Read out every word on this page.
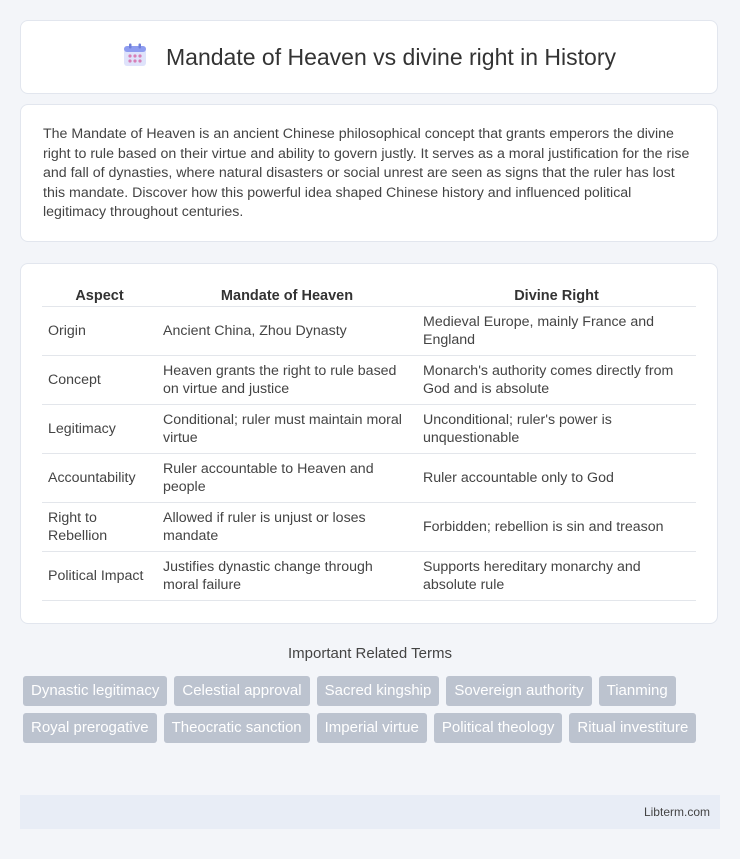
Mandate of Heaven vs divine right in History
The Mandate of Heaven is an ancient Chinese philosophical concept that grants emperors the divine right to rule based on their virtue and ability to govern justly. It serves as a moral justification for the rise and fall of dynasties, where natural disasters or social unrest are seen as signs that the ruler has lost this mandate. Discover how this powerful idea shaped Chinese history and influenced political legitimacy throughout centuries.
Aspect	Mandate of Heaven	Divine Right
Origin	Ancient China, Zhou Dynasty	Medieval Europe, mainly France and England
Concept	Heaven grants the right to rule based on virtue and justice	Monarch's authority comes directly from God and is absolute
Legitimacy	Conditional; ruler must maintain moral virtue	Unconditional; ruler's power is unquestionable
Accountability	Ruler accountable to Heaven and people	Ruler accountable only to God
Right to Rebellion	Allowed if ruler is unjust or loses mandate	Forbidden; rebellion is sin and treason
Political Impact	Justifies dynastic change through moral failure	Supports hereditary monarchy and absolute rule
Important Related Terms
Dynastic legitimacy	Celestial approval	Sacred kingship	Sovereign authority	Tianming
Royal prerogative	Theocratic sanction	Imperial virtue	Political theology	Ritual investiture
Libterm.com
